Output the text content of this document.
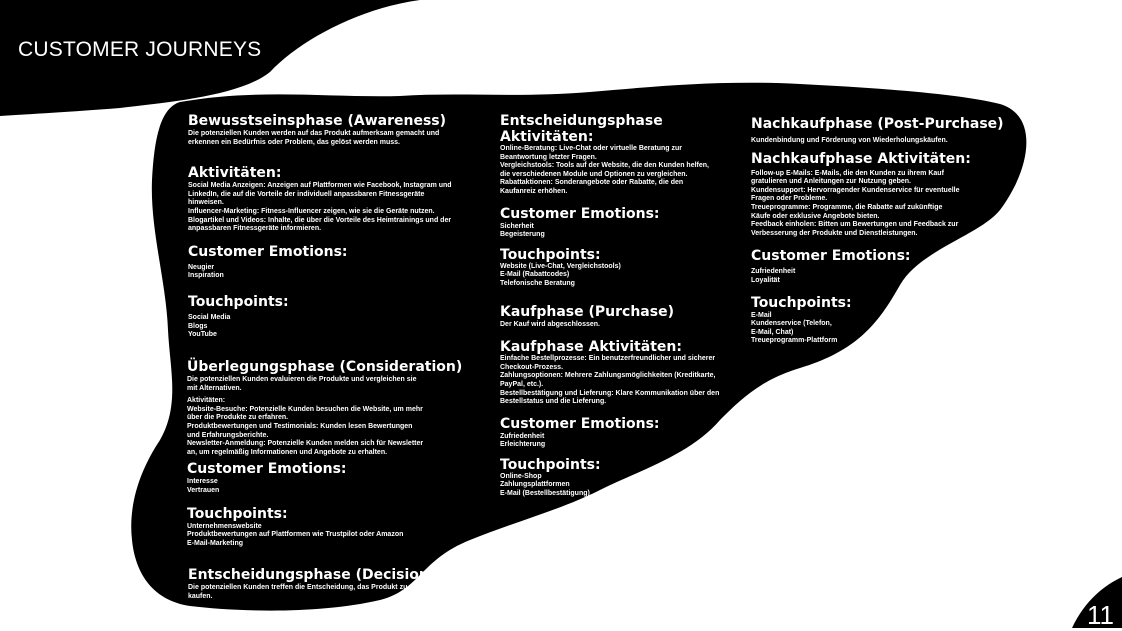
CUSTOMER JOURNEYS
Bewusstseinsphase (Awareness)
Die potenziellen Kunden werden auf das Produkt aufmerksam gemacht und erkennen ein Bedürfnis oder Problem, das gelöst werden muss.
Aktivitäten:
Social Media Anzeigen: Anzeigen auf Plattformen wie Facebook, Instagram und LinkedIn, die auf die Vorteile der individuell anpassbaren Fitnessgeräte hinweisen.
Influencer-Marketing: Fitness-Influencer zeigen, wie sie die Geräte nutzen.
Blogartikel und Videos: Inhalte, die über die Vorteile des Heimtrainings und der anpassbaren Fitnessgeräte informieren.
Customer Emotions:
Neugier
Inspiration
Touchpoints:
Social Media
Blogs
YouTube
Überlegungsphase (Consideration)
Die potenziellen Kunden evaluieren die Produkte und vergleichen sie mit Alternativen.
Aktivitäten:
Website-Besuche: Potenzielle Kunden besuchen die Website, um mehr über die Produkte zu erfahren.
Produktbewertungen und Testimonials: Kunden lesen Bewertungen und Erfahrungsberichte.
Newsletter-Anmeldung: Potenzielle Kunden melden sich für Newsletter an, um regelmäßig Informationen und Angebote zu erhalten.
Customer Emotions:
Interesse
Vertrauen
Touchpoints:
Unternehmenswebsite
Produktbewertungen auf Plattformen wie Trustpilot oder Amazon
E-Mail-Marketing
Entscheidungsphase (Decision)
Die potenziellen Kunden treffen die Entscheidung, das Produkt zu kaufen.
Entscheidungsphase
Aktivitäten:
Online-Beratung: Live-Chat oder virtuelle Beratung zur Beantwortung letzter Fragen.
Vergleichstools: Tools auf der Website, die den Kunden helfen, die verschiedenen Module und Optionen zu vergleichen.
Rabattaktionen: Sonderangebote oder Rabatte, die den Kaufanreiz erhöhen.
Customer Emotions:
Sicherheit
Begeisterung
Touchpoints:
Website (Live-Chat, Vergleichstools)
E-Mail (Rabattcodes)
Telefonische Beratung
Kaufphase (Purchase)
Der Kauf wird abgeschlossen.
Kaufphase Aktivitäten:
Einfache Bestellprozesse: Ein benutzerfreundlicher und sicherer Checkout-Prozess.
Zahlungsoptionen: Mehrere Zahlungsmöglichkeiten (Kreditkarte, PayPal, etc.).
Bestellbestätigung und Lieferung: Klare Kommunikation über den Bestellstatus und die Lieferung.
Customer Emotions:
Zufriedenheit
Erleichterung
Touchpoints:
Online-Shop
Zahlungsplattformen
E-Mail (Bestellbestätigung)
Nachkaufphase (Post-Purchase)
Kundenbindung und Förderung von Wiederholungskäufen.
Nachkaufphase Aktivitäten:
Follow-up E-Mails: E-Mails, die den Kunden zu ihrem Kauf gratulieren und Anleitungen zur Nutzung geben.
Kundensupport: Hervorragender Kundenservice für eventuelle Fragen oder Probleme.
Treueprogramme: Programme, die Rabatte auf zukünftige Käufe oder exklusive Angebote bieten.
Feedback einholen: Bitten um Bewertungen und Feedback zur Verbesserung der Produkte und Dienstleistungen.
Customer Emotions:
Zufriedenheit
Loyalität
Touchpoints:
E-Mail
Kundenservice (Telefon, E-Mail, Chat)
Treueprogramm-Plattform
11
